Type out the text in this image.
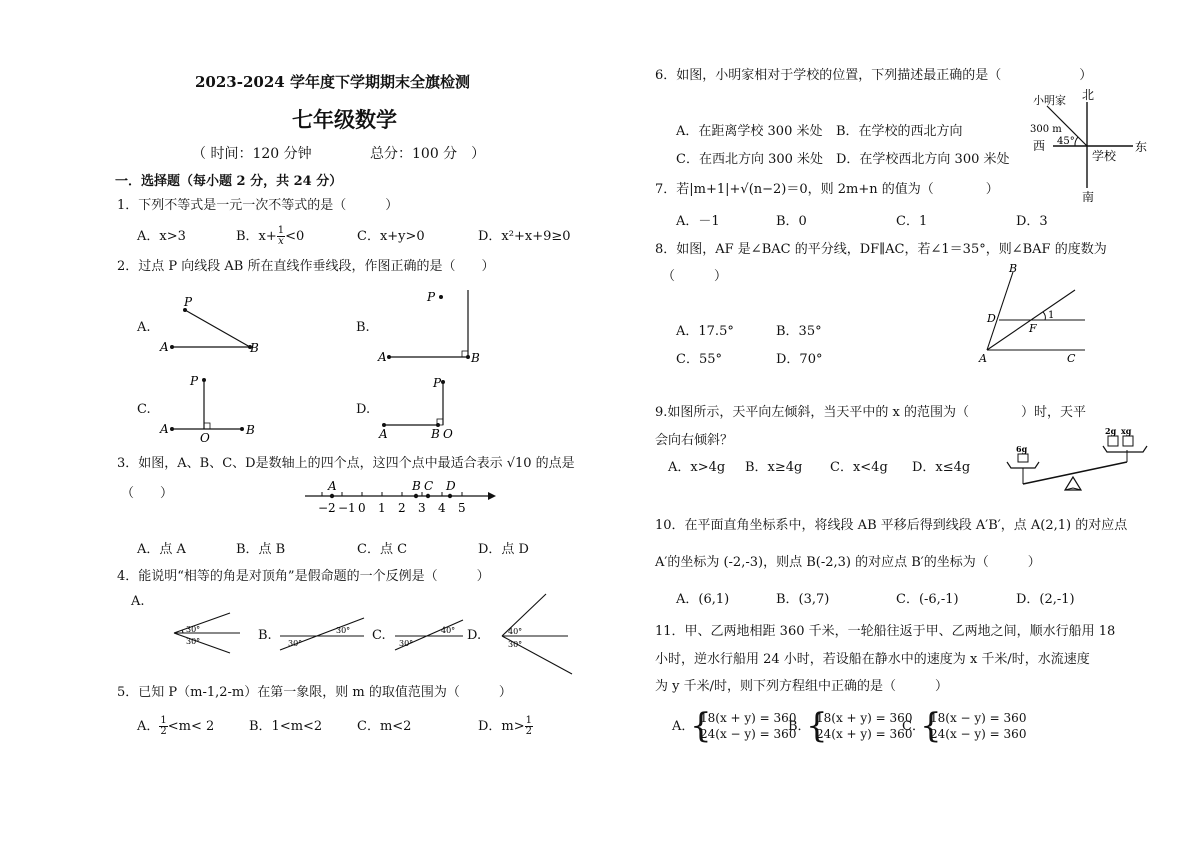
2023-2024 学年度下学期期末全旗检测
七年级数学
（ 时间：120 分钟	总分：100 分　）
一．选择题（每小题 2 分，共 24 分）
1．下列不等式是一元一次不等式的是（　　　）
A．x>3	B．$x+ \frac{1}{x} <0$	C．x+y>0	D．x²+x+9≥0
2．过点 P 向线段 AB 所在直线作垂线段，作图正确的是（　　）
A.
P
A	B
B.
P
A	B
C.
P
A	B
O
D.
P
A	B O
3．如图，A、B、C、D是数轴上的四个点，这四个点中最适合表示 √10 的点是
（　　）
−2 −1 0 1 2 3 4 5
A	B C D
A．点 A	B．点 B	C．点 C	D．点 D
4．能说明“相等的角是对顶角”是假命题的一个反例是（　　　）
A.
30°
30°	B.
30°
30° C.
30°
40° D.	40°
30°
5．已知 P（m-1,2-m）在第一象限，则 m 的取值范围为（　　　）
A． $\frac{1}{2} <m< 2$	B．1<m<2	C．m<2	D．$m> \frac{1}{2}$
6．如图，小明家相对于学校的位置，下列描述最正确的是（　　　　　　）
A．在距离学校 300 米处 B．在学校的西北方向
C．在西北方向 300 米处 D．在学校西北方向 300 米处
小明家 北
300 m
45°
西
学校
东
南
7．若|m+1|+√(n−2)＝0，则 2m+n 的值为（　　　　）
A．－1	B．0	C．1	D．3
8．如图，AF 是∠BAC 的平分线，DF∥AC，若∠1＝35°，则∠BAF 的度数为
（　　　）
A．17.5°	B．35°
C．55°	D．70°
B
D	1
F
A	C
9.如图所示，天平向左倾斜，当天平中的 x 的范围为（　　　　）时，天平
会向右倾斜？
A．x>4g B．x≥4g C．x<4g D．x≤4g
6g
2g xg
10．在平面直角坐标系中，将线段 AB 平移后得到线段 A′B′，点 A(2,1) 的对应点
A′的坐标为 (-2,-3)，则点 B(-2,3) 的对应点 B′的坐标为（　　　）
A．(6,1)	B．(3,7)	C．(-6,-1)	D．(2,-1)
11．甲、乙两地相距 360 千米，一轮船往返于甲、乙两地之间，顺水行船用 18
小时，逆水行船用 24 小时，若设船在静水中的速度为 x 千米/时，水流速度
为 y 千米/时，则下列方程组中正确的是（　　　）
A．
{
18(x + y) = 360
24(x − y) = 360
B．
{
18(x + y) = 360
24(x + y) = 360
C．
{
18(x − y) = 360
24(x − y) = 360
